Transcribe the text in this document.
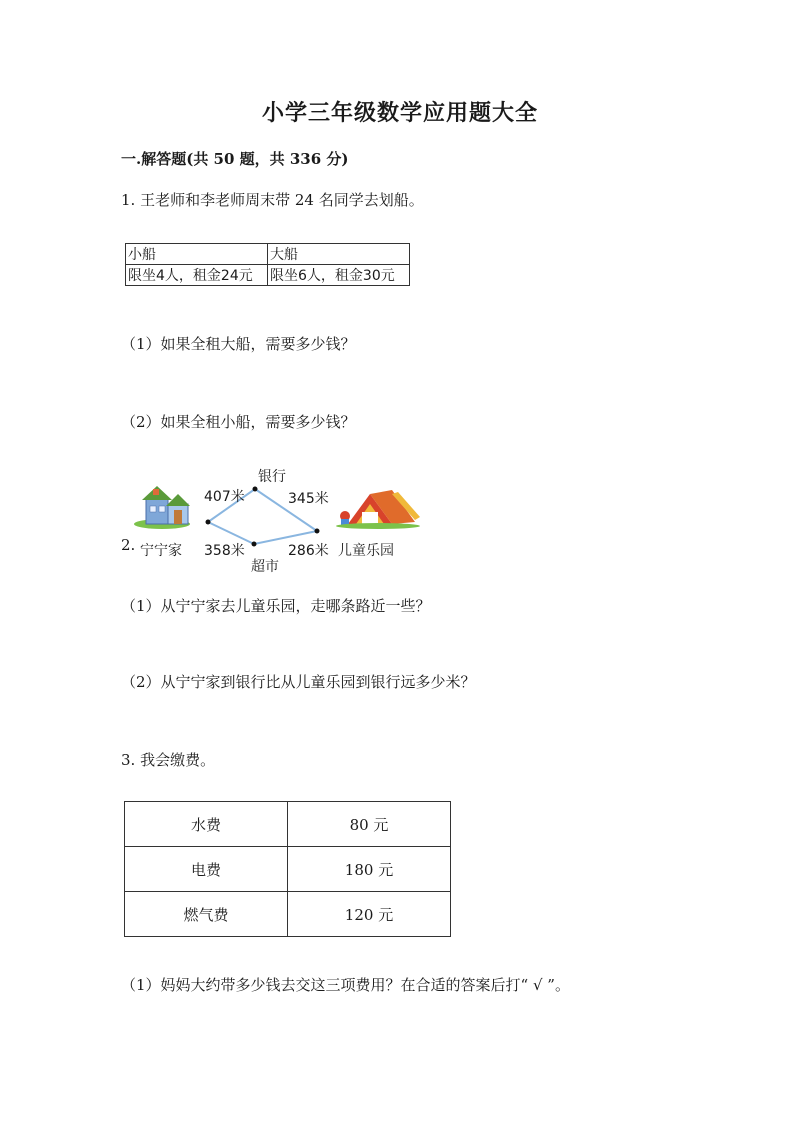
小学三年级数学应用题大全
一.解答题(共 50 题，共 336 分)
1. 王老师和李老师周末带 24 名同学去划船。
小船	大船
限坐4人，租金24元	限坐6人，租金30元
（1）如果全租大船，需要多少钱？
（2）如果全租小船，需要多少钱？
2.
银行
407米	345米
358米	286米
超市
宁宁家	儿童乐园
（1）从宁宁家去儿童乐园，走哪条路近一些？
（2）从宁宁家到银行比从儿童乐园到银行远多少米？
3. 我会缴费。
水费	80 元
电费	180 元
燃气费	120 元
（1）妈妈大约带多少钱去交这三项费用？在合适的答案后打“ √ ”。
